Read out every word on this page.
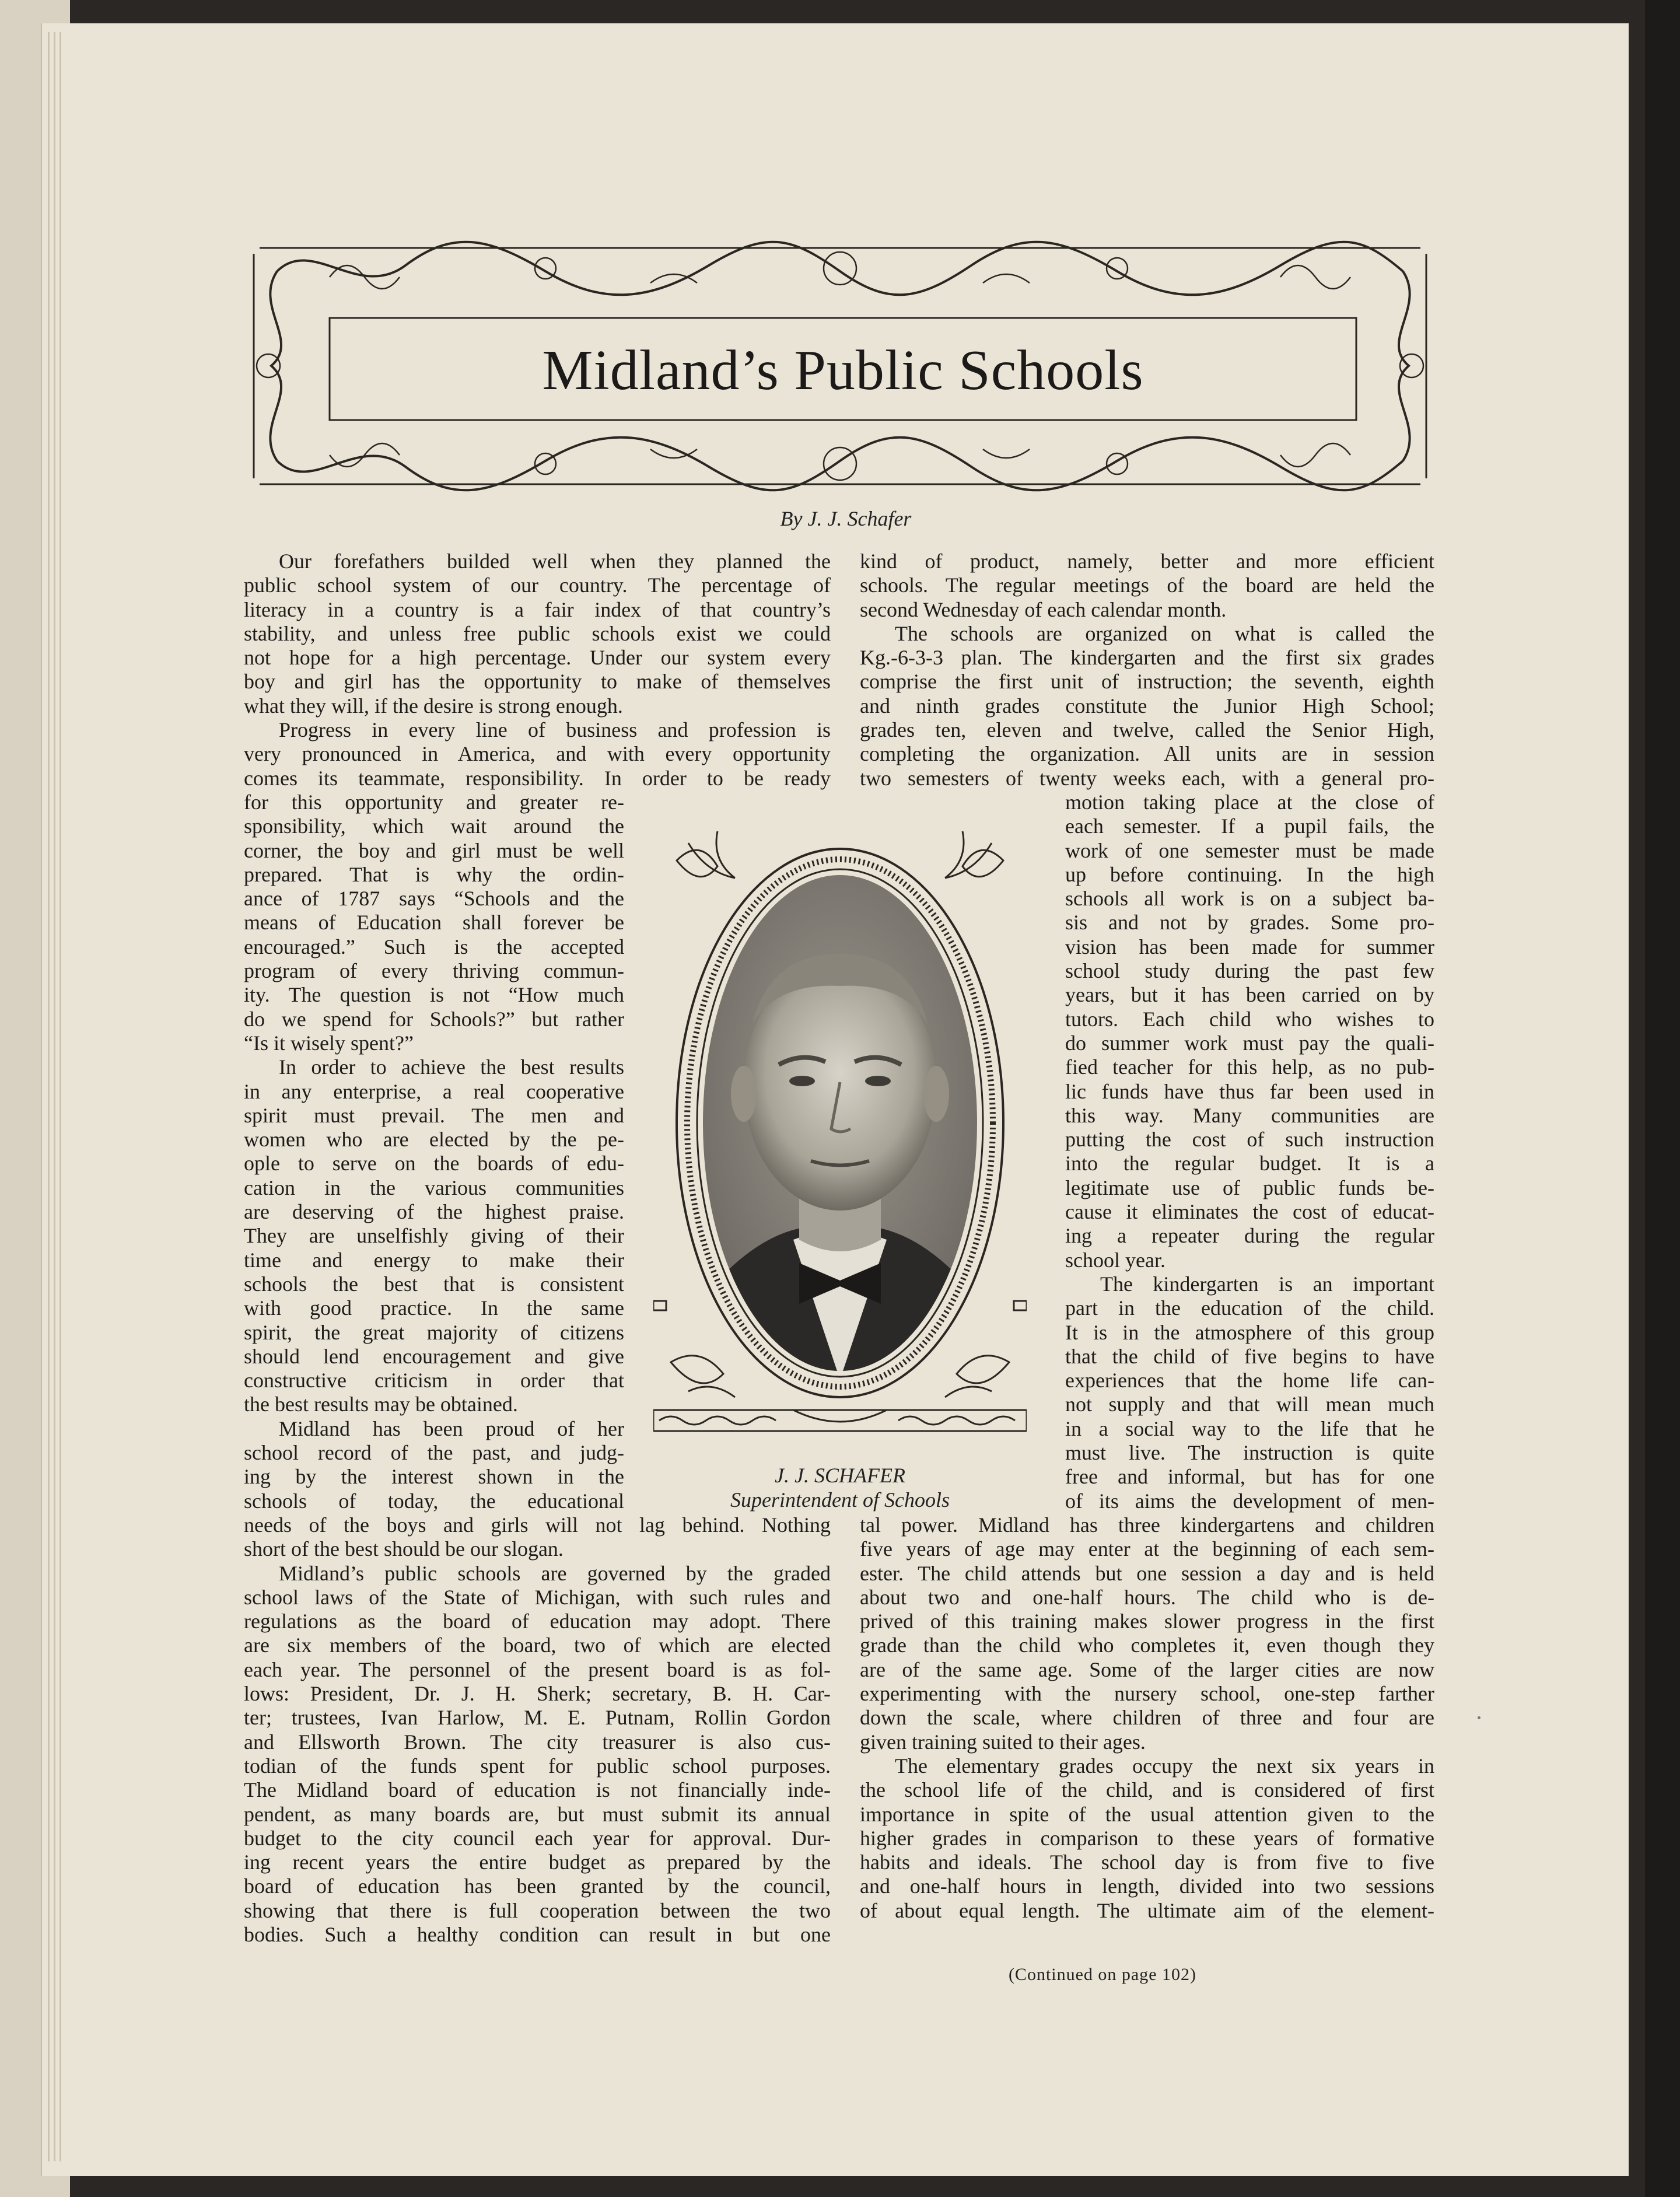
Midland’s Public Schools

By J. J. Schafer

Our forefathers builded well when they planned the
public school system of our country. The percentage of
literacy in a country is a fair index of that country’s
stability, and unless free public schools exist we could
not hope for a high percentage. Under our system every
boy and girl has the opportunity to make of themselves
what they will, if the desire is strong enough.
Progress in every line of business and profession is
very pronounced in America, and with every opportunity
comes its teammate, responsibility. In order to be ready
for this opportunity and greater re-
sponsibility, which wait around the
corner, the boy and girl must be well
prepared. That is why the ordin-
ance of 1787 says “Schools and the
means of Education shall forever be
encouraged.” Such is the accepted
program of every thriving commun-
ity. The question is not “How much
do we spend for Schools?” but rather
“Is it wisely spent?”
In order to achieve the best results
in any enterprise, a real cooperative
spirit must prevail. The men and
women who are elected by the pe-
ople to serve on the boards of edu-
cation in the various communities
are deserving of the highest praise.
They are unselfishly giving of their
time and energy to make their
schools the best that is consistent
with good practice. In the same
spirit, the great majority of citizens
should lend encouragement and give
constructive criticism in order that
the best results may be obtained.
Midland has been proud of her
school record of the past, and judg-
ing by the interest shown in the
schools of today, the educational
needs of the boys and girls will not lag behind. Nothing
short of the best should be our slogan.
Midland’s public schools are governed by the graded
school laws of the State of Michigan, with such rules and
regulations as the board of education may adopt. There
are six members of the board, two of which are elected
each year. The personnel of the present board is as fol-
lows: President, Dr. J. H. Sherk; secretary, B. H. Car-
ter; trustees, Ivan Harlow, M. E. Putnam, Rollin Gordon
and Ellsworth Brown. The city treasurer is also cus-
todian of the funds spent for public school purposes.
The Midland board of education is not financially inde-
pendent, as many boards are, but must submit its annual
budget to the city council each year for approval. Dur-
ing recent years the entire budget as prepared by the
board of education has been granted by the council,
showing that there is full cooperation between the two
bodies. Such a healthy condition can result in but one
kind of product, namely, better and more efficient
schools. The regular meetings of the board are held the
second Wednesday of each calendar month.
The schools are organized on what is called the
Kg.-6-3-3 plan. The kindergarten and the first six grades
comprise the first unit of instruction; the seventh, eighth
and ninth grades constitute the Junior High School;
grades ten, eleven and twelve, called the Senior High,
completing the organization. All units are in session
two semesters of twenty weeks each, with a general pro-
motion taking place at the close of
each semester. If a pupil fails, the
work of one semester must be made
up before continuing. In the high
schools all work is on a subject ba-
sis and not by grades. Some pro-
vision has been made for summer
school study during the past few
years, but it has been carried on by
tutors. Each child who wishes to
do summer work must pay the quali-
fied teacher for this help, as no pub-
lic funds have thus far been used in
this way. Many communities are
putting the cost of such instruction
into the regular budget. It is a
legitimate use of public funds be-
cause it eliminates the cost of educat-
ing a repeater during the regular
school year.
The kindergarten is an important
part in the education of the child.
It is in the atmosphere of this group
that the child of five begins to have
experiences that the home life can-
not supply and that will mean much
in a social way to the life that he
must live. The instruction is quite
free and informal, but has for one
of its aims the development of men-
tal power. Midland has three kindergartens and children
five years of age may enter at the beginning of each sem-
ester. The child attends but one session a day and is held
about two and one-half hours. The child who is de-
prived of this training makes slower progress in the first
grade than the child who completes it, even though they
are of the same age. Some of the larger cities are now
experimenting with the nursery school, one-step farther
down the scale, where children of three and four are
given training suited to their ages.
The elementary grades occupy the next six years in
the school life of the child, and is considered of first
importance in spite of the usual attention given to the
higher grades in comparison to these years of formative
habits and ideals. The school day is from five to five
and one-half hours in length, divided into two sessions
of about equal length. The ultimate aim of the element-

J. J. SCHAFER
Superintendent of Schools

(Continued on page 102)
